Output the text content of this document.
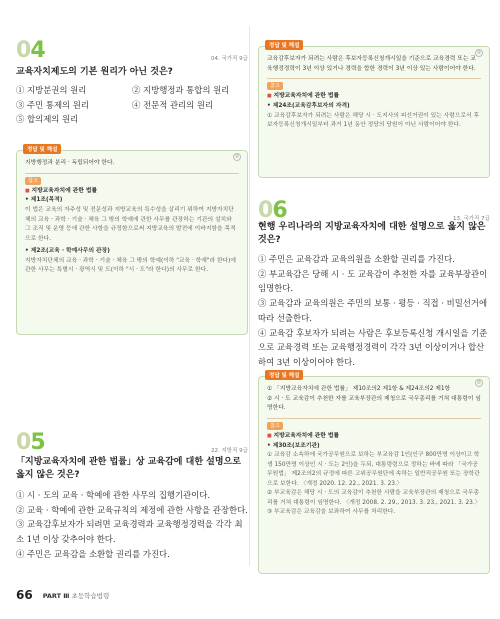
04	04. 국가직 9급
교육자치제도의 기본 원리가 아닌 것은?
① 지방분권의 원리	② 지방행정과 통합의 원리
③ 주민 통제의 원리	④ 전문적 관리의 원리
⑤ 합의제의 원리
정답 및 해설
②
지방행정과 분리 · 독립되어야 한다.
참고
■ 지방교육자치에 관한 법률
• 제1조(목적)
이 법은 교육의 자주성 및 전문성과 지방교육의 특수성을 살리기 위하여 지방자치단체의 교육 · 과학 · 기술 · 체육 그 밖의 학예에 관한 사무를 관장하는 기관의 설치와 그 조직 및 운영 등에 관한 사항을 규정함으로써 지방교육의 발전에 이바지함을 목적으로 한다.
• 제2조(교육 · 학예사무의 관장)
지방자치단체의 교육 · 과학 · 기술 · 체육 그 밖의 학예(이하 "교육 · 학예"라 한다)에 관한 사무는 특별시 · 광역시 및 도(이하 "시 · 도"라 한다)의 사무로 한다.
05	22. 지방직 9급
「지방교육자치에 관한 법률」상 교육감에 대한 설명으로 옳지 않은 것은?
① 시 · 도의 교육 · 학예에 관한 사무의 집행기관이다.
② 교육 · 학예에 관한 교육규칙의 제정에 관한 사항을 관장한다.
③ 교육감후보자가 되려면 교육경력과 교육행정경력을 각각 최소 1년 이상 갖추어야 한다.
④ 주민은 교육감을 소환할 권리를 가진다.
정답 및 해설
③
교육감후보자가 되려는 사람은 후보자등록신청개시일을 기준으로 교육경력 또는 교육행정경력이 3년 이상 있거나 경력을 합한 경력이 3년 이상 있는 사람이어야 한다.
참고
■ 지방교육자치에 관한 법률
• 제24조(교육감후보자의 자격)
① 교육감후보자가 되려는 사람은 해당 시 · 도지사의 피선거권이 있는 사람으로서 후보자등록신청개시일부터 과거 1년 동안 정당의 당원이 아닌 사람이어야 한다.
06	13. 국가직 7급
현행 우리나라의 지방교육자치에 대한 설명으로 옳지 않은 것은?
① 주민은 교육감과 교육의원을 소환할 권리를 가진다.
② 부교육감은 당해 시 · 도 교육감이 추천한 자를 교육부장관이 임명한다.
③ 교육감과 교육의원은 주민의 보통 · 평등 · 직접 · 비밀선거에 따라 선출한다.
④ 교육감 후보자가 되려는 사람은 후보등록신청 개시일을 기준으로 교육경력 또는 교육행정경력이 각각 3년 이상이거나 합산하여 3년 이상이어야 한다.
정답 및 해설
②
① 「지방교육자치에 관한 법률」 제10조의2 제1항 & 제24조의2 제1항
② 시 · 도 교육감이 추천한 자를 교육부장관의 제청으로 국무총리를 거쳐 대통령이 임명한다.
참고
■ 지방교육자치에 관한 법률
• 제30조(보조기관)
① 교육감 소속하에 국가공무원으로 보하는 부교육감 1인(인구 800만명 이상이고 학생 150만명 이상인 시 · 도는 2인)을 두되, 대통령령으로 정하는 바에 따라 「국가공무원법」 제2조의2의 규정에 따른 고위공무원단에 속하는 일반직공무원 또는 장학관으로 보한다. 〈개정 2020. 12. 22., 2021. 3. 23.〉
② 부교육감은 해당 시 · 도의 교육감이 추천한 사람을 교육부장관의 제청으로 국무총리를 거쳐 대통령이 임명한다. 〈개정 2008. 2. 29., 2013. 3. 23., 2021. 3. 23.〉
③ 부교육감은 교육감을 보좌하여 사무를 처리한다.
66 PART Ⅲ 초등학습법령
